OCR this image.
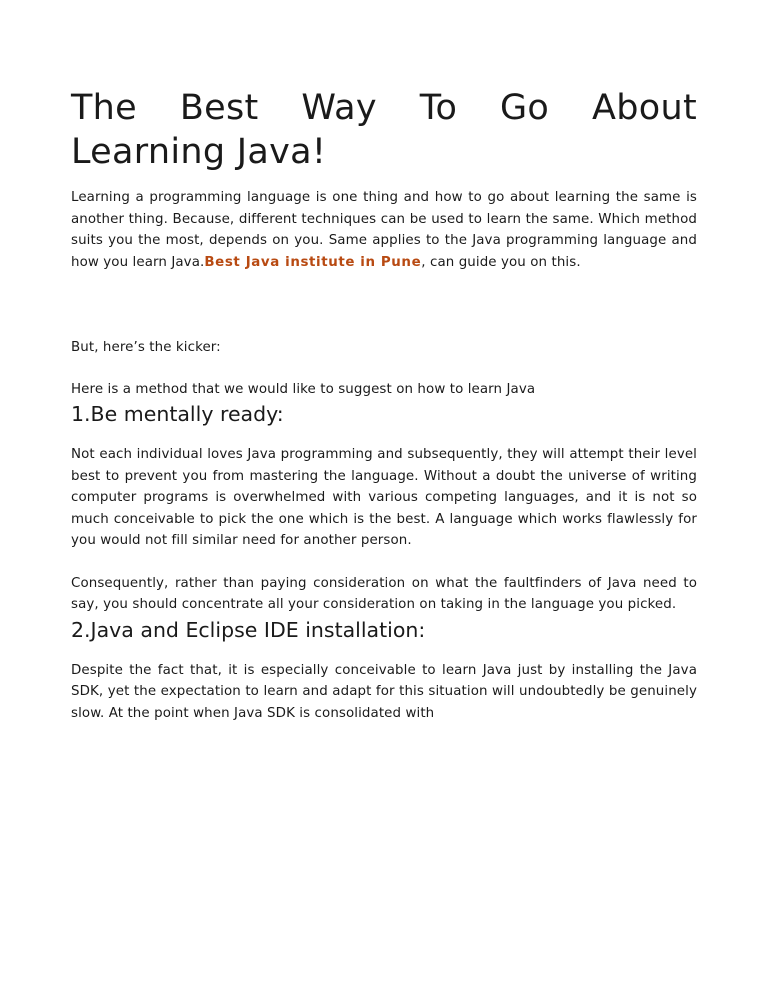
The Best Way To Go About
Learning Java!

Learning a programming language is one thing and how to go about learning the same is another thing. Because, different techniques can be used to learn the same. Which method suits you the most, depends on you. Same applies to the Java programming language and how you learn Java.Best Java institute in Pune, can guide you on this.

But, here’s the kicker:

Here is a method that we would like to suggest on how to learn Java

1.Be mentally ready:

Not each individual loves Java programming and subsequently, they will attempt their level best to prevent you from mastering the language. Without a doubt the universe of writing computer programs is overwhelmed with various competing languages, and it is not so much conceivable to pick the one which is the best. A language which works flawlessly for you would not fill similar need for another person.

Consequently, rather than paying consideration on what the faultfinders of Java need to say, you should concentrate all your consideration on taking in the language you picked.

2.Java and Eclipse IDE installation:

Despite the fact that, it is especially conceivable to learn Java just by installing the Java SDK, yet the expectation to learn and adapt for this situation will undoubtedly be genuinely slow. At the point when Java SDK is consolidated with
